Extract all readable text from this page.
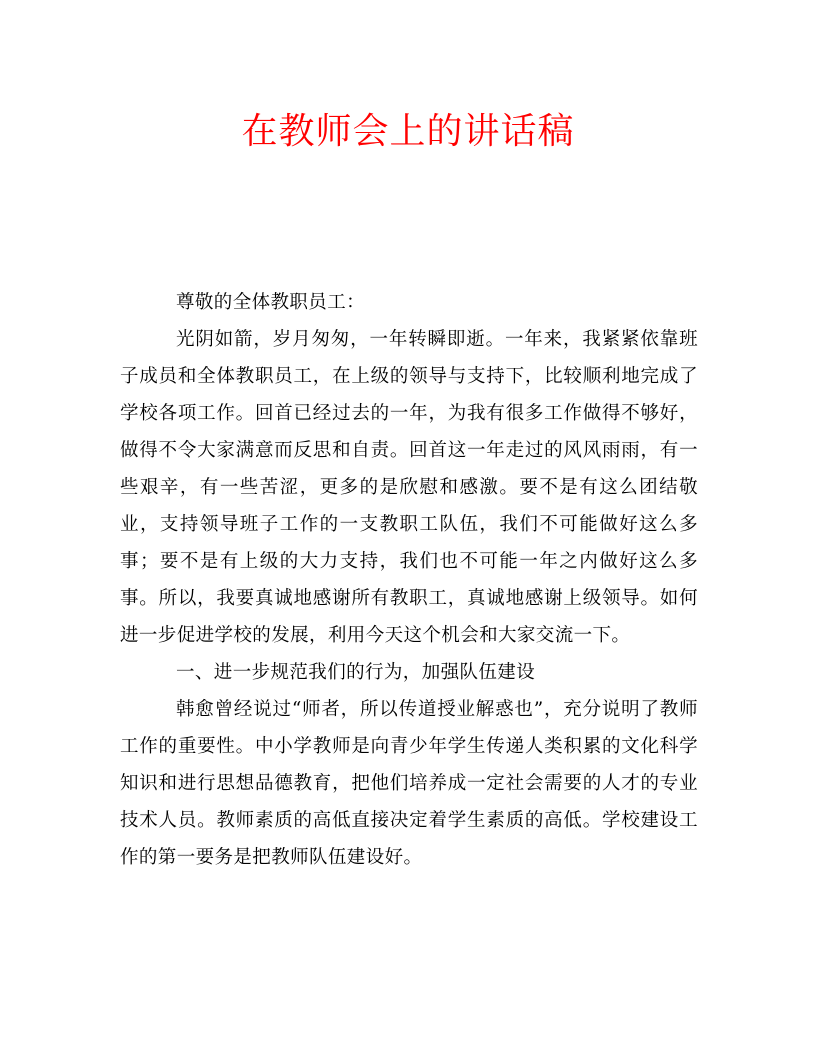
在教师会上的讲话稿

尊敬的全体教职员工：

光阴如箭，岁月匆匆，一年转瞬即逝。一年来，我紧紧依靠班子成员和全体教职员工，在上级的领导与支持下，比较顺利地完成了学校各项工作。回首已经过去的一年，为我有很多工作做得不够好，做得不令大家满意而反思和自责。回首这一年走过的风风雨雨，有一些艰辛，有一些苦涩，更多的是欣慰和感激。要不是有这么团结敬业，支持领导班子工作的一支教职工队伍，我们不可能做好这么多事；要不是有上级的大力支持，我们也不可能一年之内做好这么多事。所以，我要真诚地感谢所有教职工，真诚地感谢上级领导。如何进一步促进学校的发展，利用今天这个机会和大家交流一下。

一、进一步规范我们的行为，加强队伍建设

韩愈曾经说过“师者，所以传道授业解惑也”，充分说明了教师工作的重要性。中小学教师是向青少年学生传递人类积累的文化科学知识和进行思想品德教育，把他们培养成一定社会需要的人才的专业技术人员。教师素质的高低直接决定着学生素质的高低。学校建设工作的第一要务是把教师队伍建设好。
